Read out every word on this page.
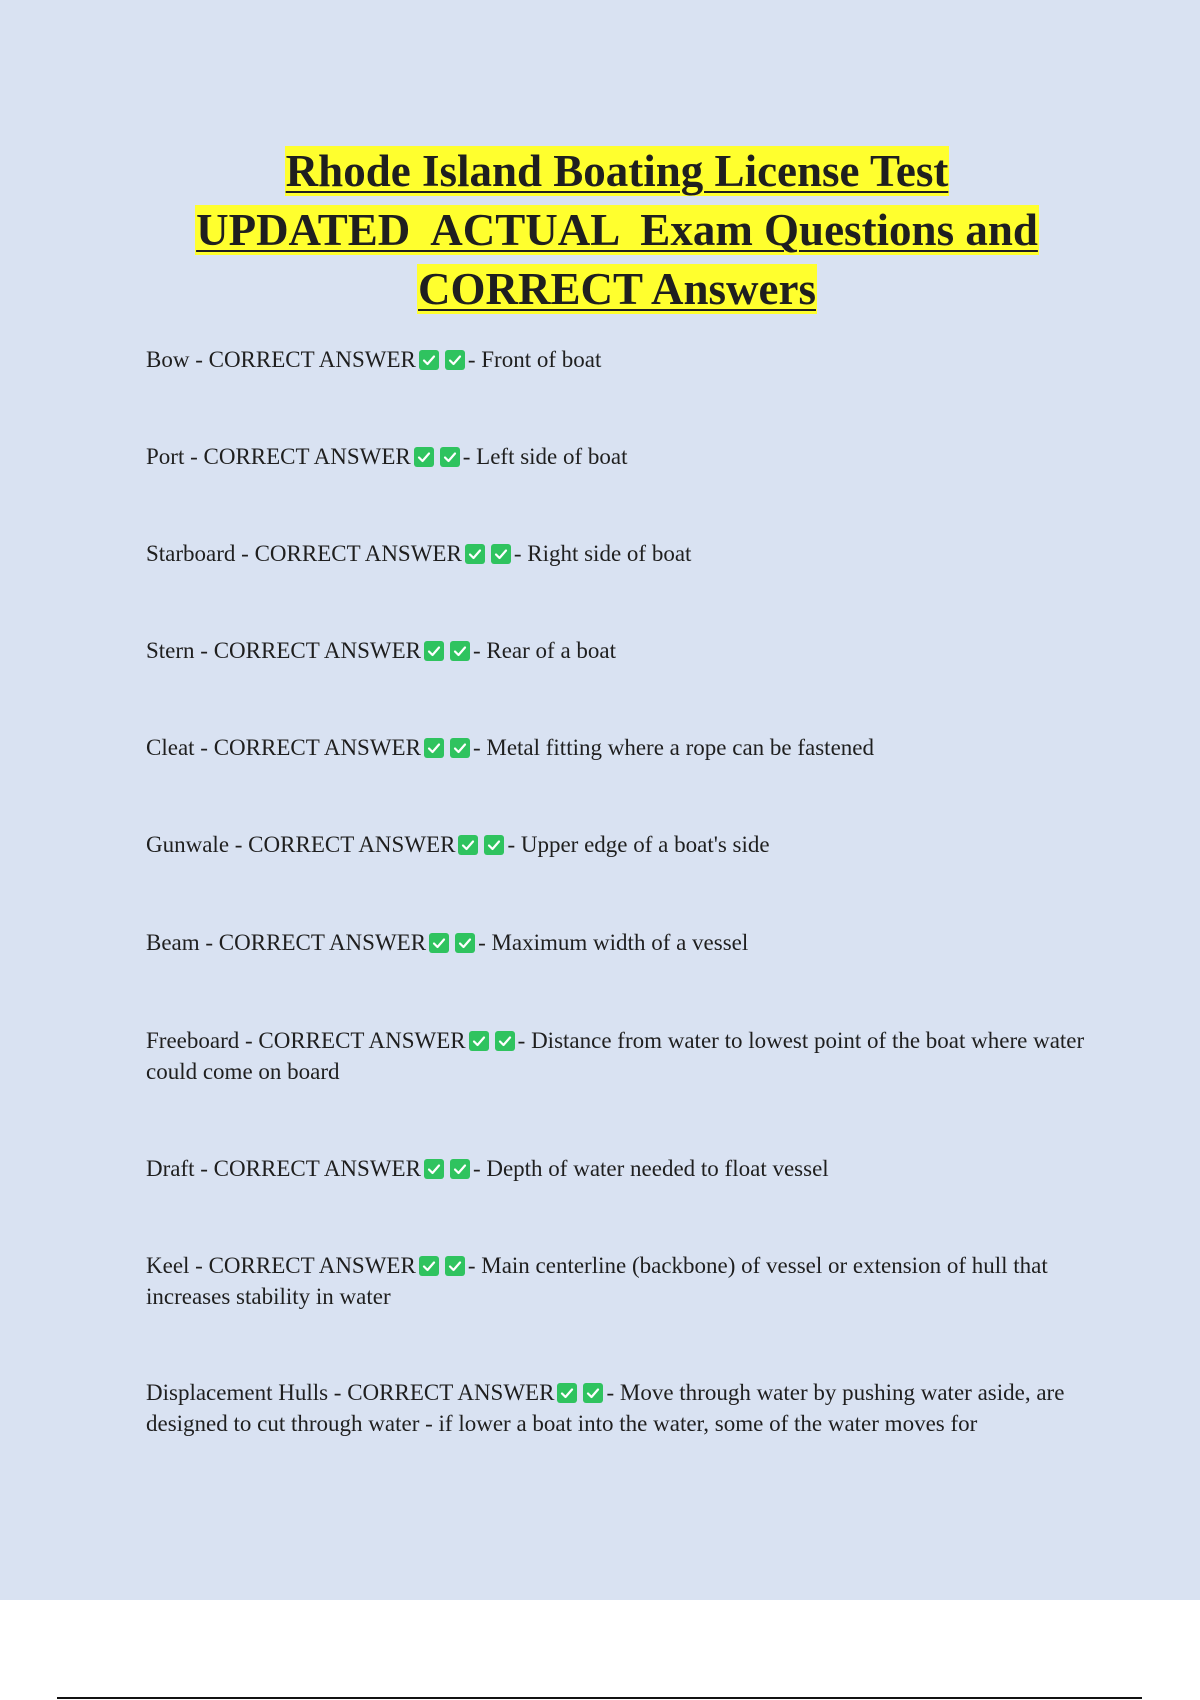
Rhode Island Boating License Test
UPDATED  ACTUAL  Exam Questions and
CORRECT Answers
Bow - CORRECT ANSWER - Front of boat
Port - CORRECT ANSWER - Left side of boat
Starboard - CORRECT ANSWER - Right side of boat
Stern - CORRECT ANSWER - Rear of a boat
Cleat - CORRECT ANSWER - Metal fitting where a rope can be fastened
Gunwale - CORRECT ANSWER - Upper edge of a boat's side
Beam - CORRECT ANSWER - Maximum width of a vessel
Freeboard - CORRECT ANSWER - Distance from water to lowest point of the boat where water could come on board
Draft - CORRECT ANSWER - Depth of water needed to float vessel
Keel - CORRECT ANSWER - Main centerline (backbone) of vessel or extension of hull that increases stability in water
Displacement Hulls - CORRECT ANSWER - Move through water by pushing water aside, are designed to cut through water - if lower a boat into the water, some of the water moves for
